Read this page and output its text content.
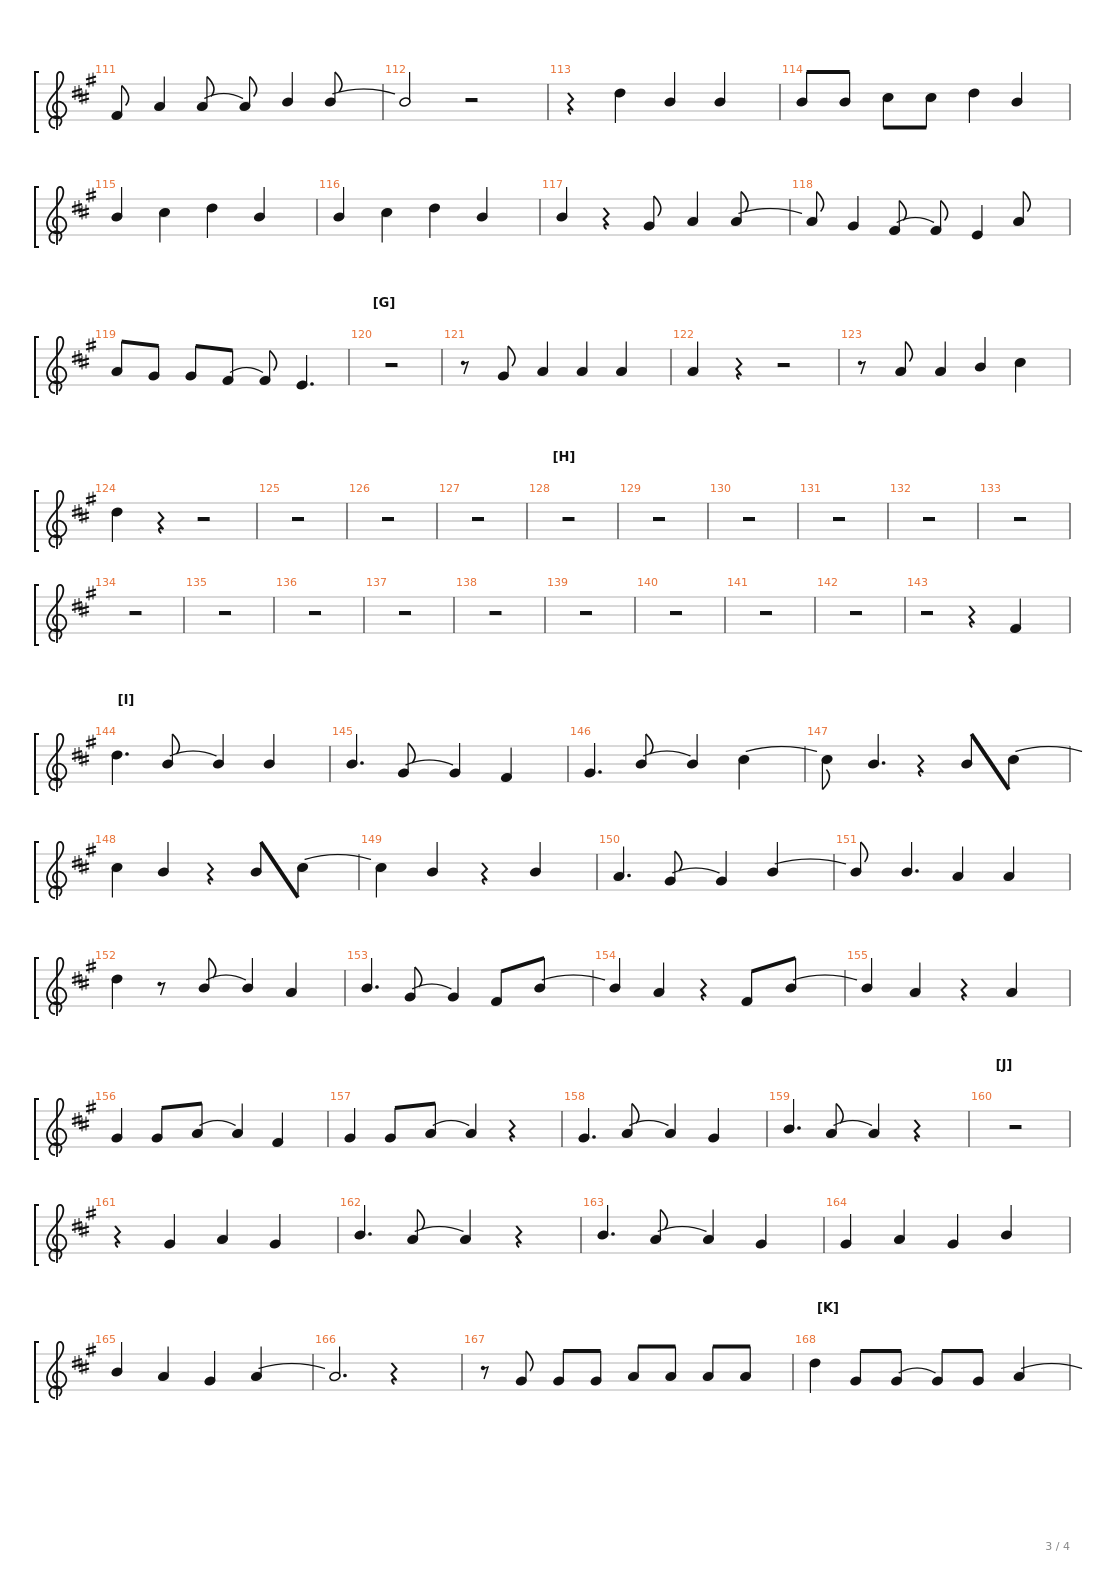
111	112	113	114
115	116	117	118
[G]
119	120	121	122	123
[H]
124	125	126	127	128	129	130	131	132	133
134	135	136	137	138	139	140	141	142	143
[I]
144	145	146	147
148	149	150	151
152	153	154	155
[J]
156	157	158	159	160
161	162	163	164
[K]
165	166	167	168
3 / 4
